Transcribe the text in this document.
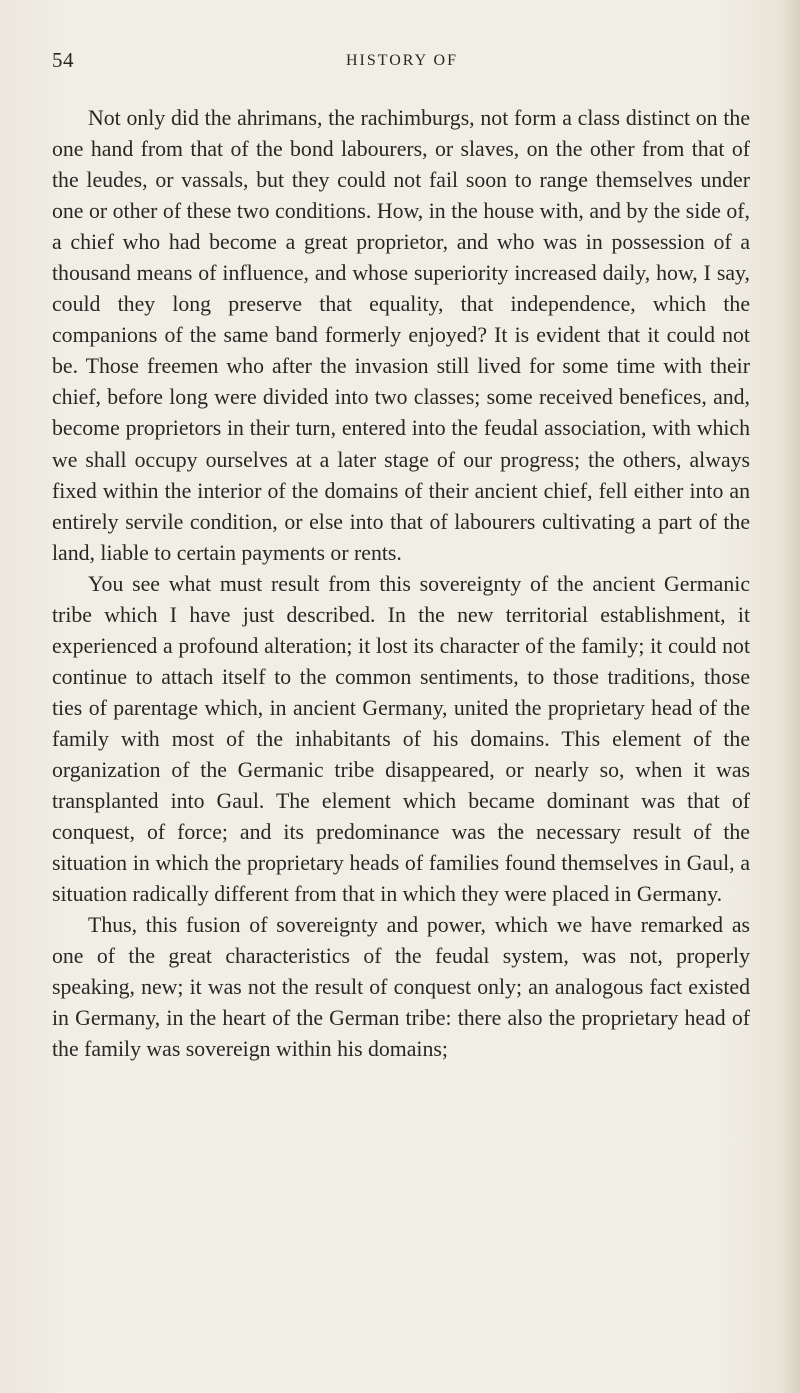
54	HISTORY OF

Not only did the ahrimans, the rachimburgs, not form a class distinct on the one hand from that of the bond labourers, or slaves, on the other from that of the leudes, or vassals, but they could not fail soon to range themselves under one or other of these two conditions. How, in the house with, and by the side of, a chief who had become a great proprietor, and who was in possession of a thousand means of influence, and whose superiority increased daily, how, I say, could they long preserve that equality, that independence, which the companions of the same band formerly enjoyed? It is evident that it could not be. Those freemen who after the invasion still lived for some time with their chief, before long were divided into two classes; some received benefices, and, become proprietors in their turn, entered into the feudal association, with which we shall occupy ourselves at a later stage of our progress; the others, always fixed within the interior of the domains of their ancient chief, fell either into an entirely servile condition, or else into that of labourers cultivating a part of the land, liable to certain payments or rents.

You see what must result from this sovereignty of the ancient Germanic tribe which I have just described. In the new territorial establishment, it experienced a profound alteration; it lost its character of the family; it could not continue to attach itself to the common sentiments, to those traditions, those ties of parentage which, in ancient Germany, united the proprietary head of the family with most of the inhabitants of his domains. This element of the organization of the Germanic tribe disappeared, or nearly so, when it was transplanted into Gaul. The element which became dominant was that of conquest, of force; and its predominance was the necessary result of the situation in which the proprietary heads of families found themselves in Gaul, a situation radically different from that in which they were placed in Germany.

Thus, this fusion of sovereignty and power, which we have remarked as one of the great characteristics of the feudal system, was not, properly speaking, new; it was not the result of conquest only; an analogous fact existed in Germany, in the heart of the German tribe: there also the proprietary head of the family was sovereign within his domains;
